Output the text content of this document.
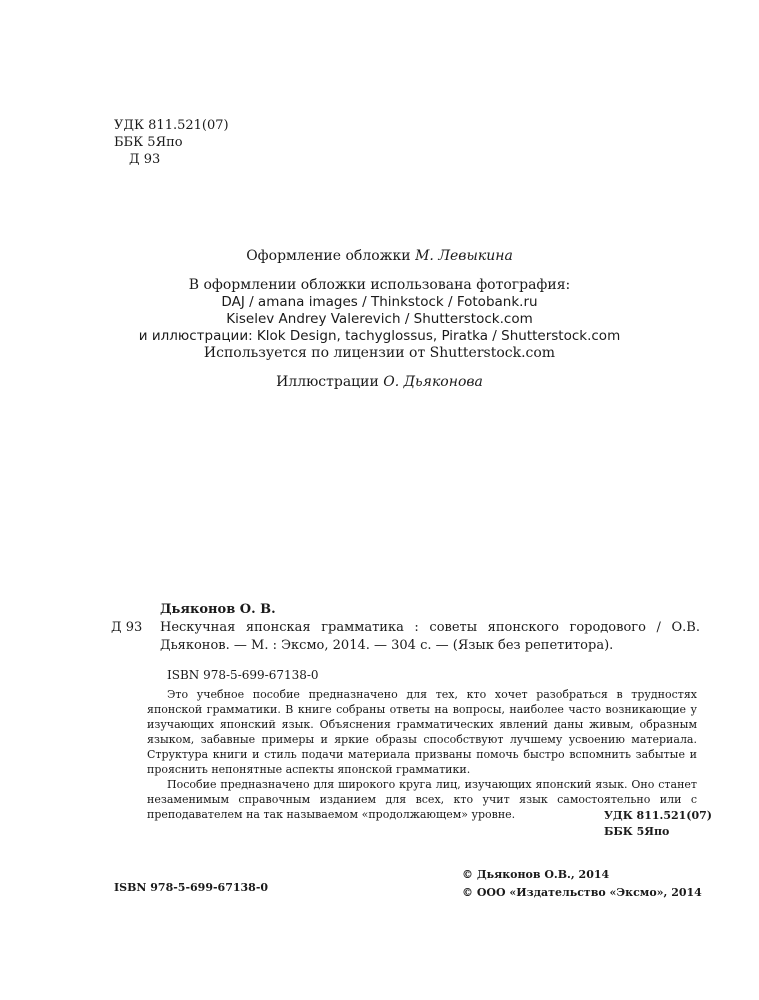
УДК 811.521(07)
ББК 5Япо
Д 93
Оформление обложки М. Левыкина
В оформлении обложки использована фотография:
DAJ / amana images / Thinkstock / Fotobank.ru
Kiselev Andrey Valerevich / Shutterstock.com
и иллюстрации: Klok Design, tachyglossus, Piratka / Shutterstock.com
Используется по лицензии от Shutterstock.com
Иллюстрации О. Дьяконова
Дьяконов О. В.
Д 93 Нескучная японская грамматика : советы японского городового / О.В. Дьяконов. — М. : Эксмо, 2014. — 304 с. — (Язык без репетитора).
ISBN 978-5-699-67138-0

Это учебное пособие предназначено для тех, кто хочет разобраться в трудностях японской грамматики. В книге собраны ответы на вопросы, наиболее часто возникающие у изучающих японский язык. Объяснения грамматических явлений даны живым, образным языком, забавные примеры и яркие образы способствуют лучшему усвоению материала. Структура книги и стиль подачи материала призваны помочь быстро вспомнить забытые и прояснить непонятные аспекты японской грамматики.

Пособие предназначено для широкого круга лиц, изучающих японский язык. Оно станет незаменимым справочным изданием для всех, кто учит язык самостоятельно или с преподавателем на так называемом «продолжающем» уровне.	УДК 811.521(07)
ББК 5Япо
ISBN 978-5-699-67138-0
© Дьяконов О.В., 2014
© ООО «Издательство «Эксмо», 2014
